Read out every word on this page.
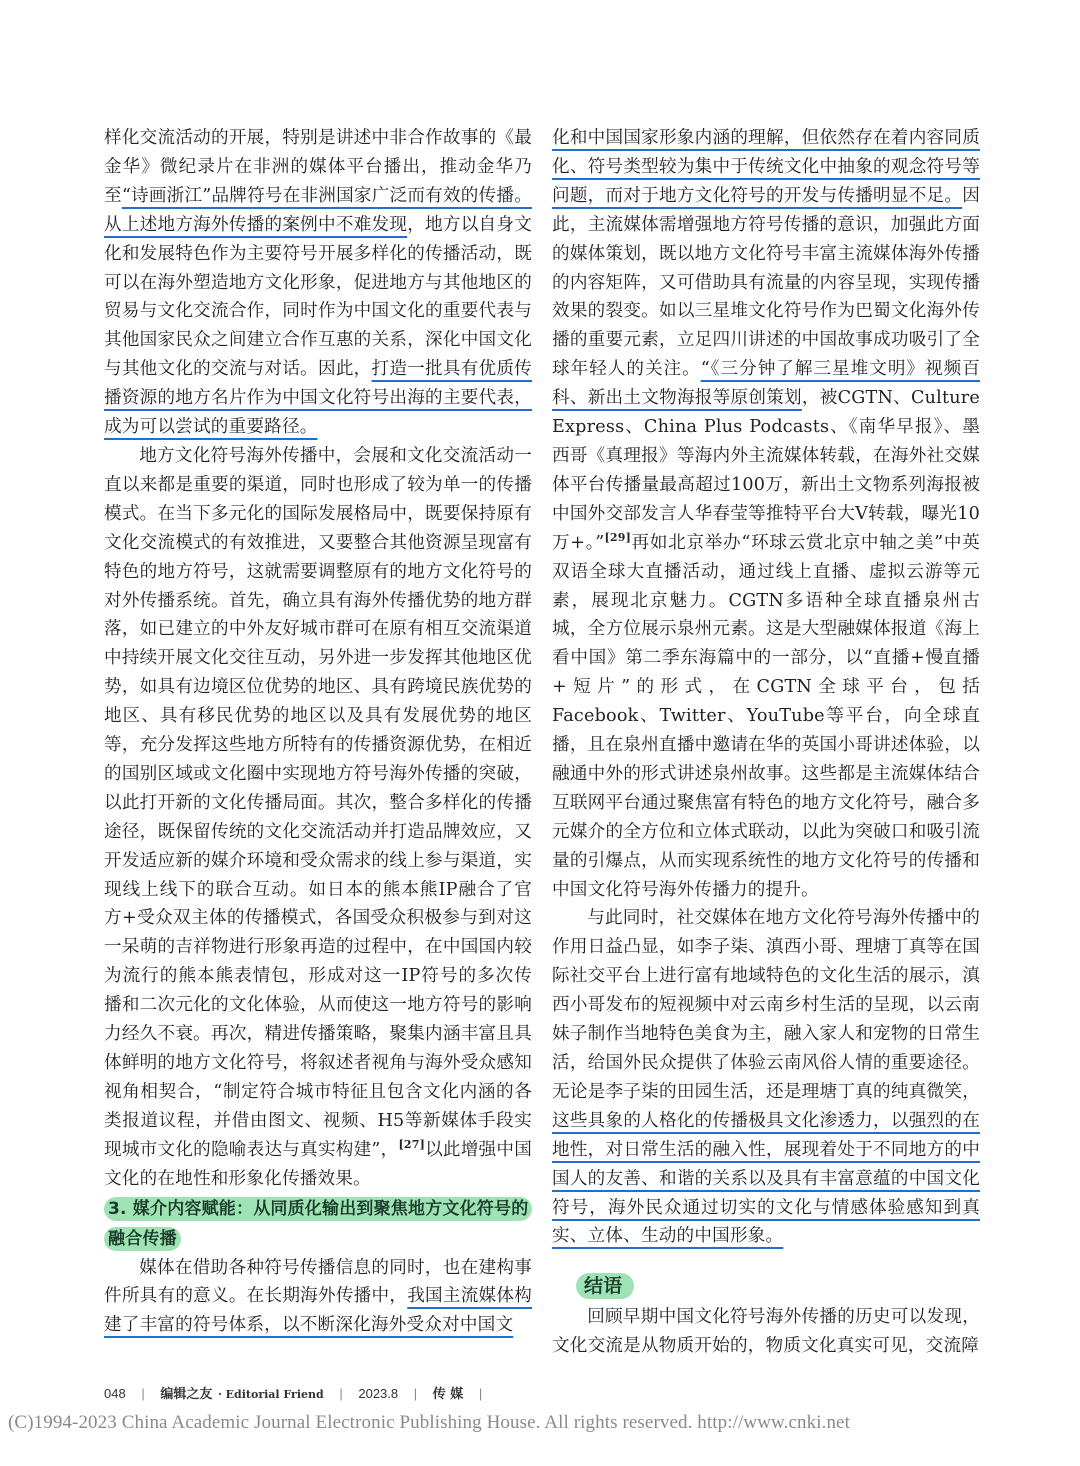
样化交流活动的开展，特别是讲述中非合作故事的《最金华》微纪录片在非洲的媒体平台播出，推动金华乃至“诗画浙江”品牌符号在非洲国家广泛而有效的传播。从上述地方海外传播的案例中不难发现，地方以自身文化和发展特色作为主要符号开展多样化的传播活动，既可以在海外塑造地方文化形象，促进地方与其他地区的贸易与文化交流合作，同时作为中国文化的重要代表与其他国家民众之间建立合作互惠的关系，深化中国文化与其他文化的交流与对话。因此，打造一批具有优质传播资源的地方名片作为中国文化符号出海的主要代表，成为可以尝试的重要路径。

地方文化符号海外传播中，会展和文化交流活动一直以来都是重要的渠道，同时也形成了较为单一的传播模式。在当下多元化的国际发展格局中，既要保持原有文化交流模式的有效推进，又要整合其他资源呈现富有特色的地方符号，这就需要调整原有的地方文化符号的对外传播系统。首先，确立具有海外传播优势的地方群落，如已建立的中外友好城市群可在原有相互交流渠道中持续开展文化交往互动，另外进一步发挥其他地区优势，如具有边境区位优势的地区、具有跨境民族优势的地区、具有移民优势的地区以及具有发展优势的地区等，充分发挥这些地方所特有的传播资源优势，在相近的国别区域或文化圈中实现地方符号海外传播的突破，以此打开新的文化传播局面。其次，整合多样化的传播途径，既保留传统的文化交流活动并打造品牌效应，又开发适应新的媒介环境和受众需求的线上参与渠道，实现线上线下的联合互动。如日本的熊本熊IP融合了官方+受众双主体的传播模式，各国受众积极参与到对这一呆萌的吉祥物进行形象再造的过程中，在中国国内较为流行的熊本熊表情包，形成对这一IP符号的多次传播和二次元化的文化体验，从而使这一地方符号的影响力经久不衰。再次，精进传播策略，聚集内涵丰富且具体鲜明的地方文化符号，将叙述者视角与海外受众感知视角相契合，“制定符合城市特征且包含文化内涵的各类报道议程，并借由图文、视频、H5等新媒体手段实现城市文化的隐喻表达与真实构建”，[27]以此增强中国文化的在地性和形象化传播效果。

3. 媒介内容赋能：从同质化输出到聚焦地方文化符号的融合传播

媒体在借助各种符号传播信息的同时，也在建构事件所具有的意义。在长期海外传播中，我国主流媒体构建了丰富的符号体系，以不断深化海外受众对中国文

化和中国国家形象内涵的理解，但依然存在着内容同质化、符号类型较为集中于传统文化中抽象的观念符号等问题，而对于地方文化符号的开发与传播明显不足。因此，主流媒体需增强地方符号传播的意识，加强此方面的媒体策划，既以地方文化符号丰富主流媒体海外传播的内容矩阵，又可借助具有流量的内容呈现，实现传播效果的裂变。如以三星堆文化符号作为巴蜀文化海外传播的重要元素，立足四川讲述的中国故事成功吸引了全球年轻人的关注。“《三分钟了解三星堆文明》视频百科、新出土文物海报等原创策划，被CGTN、Culture Express、China Plus Podcasts、《南华早报》、墨西哥《真理报》等海内外主流媒体转载，在海外社交媒体平台传播量最高超过100万，新出土文物系列海报被中国外交部发言人华春莹等推特平台大V转载，曝光10万+。”[29]再如北京举办“环球云赏北京中轴之美”中英双语全球大直播活动，通过线上直播、虚拟云游等元素，展现北京魅力。CGTN多语种全球直播泉州古城，全方位展示泉州元素。这是大型融媒体报道《海上看中国》第二季东海篇中的一部分，以“直播+慢直播+短片”的形式，在CGTN全球平台，包括Facebook、Twitter、YouTube等平台，向全球直播，且在泉州直播中邀请在华的英国小哥讲述体验，以融通中外的形式讲述泉州故事。这些都是主流媒体结合互联网平台通过聚焦富有特色的地方文化符号，融合多元媒介的全方位和立体式联动，以此为突破口和吸引流量的引爆点，从而实现系统性的地方文化符号的传播和中国文化符号海外传播力的提升。

与此同时，社交媒体在地方文化符号海外传播中的作用日益凸显，如李子柒、滇西小哥、理塘丁真等在国际社交平台上进行富有地域特色的文化生活的展示，滇西小哥发布的短视频中对云南乡村生活的呈现，以云南妹子制作当地特色美食为主，融入家人和宠物的日常生活，给国外民众提供了体验云南风俗人情的重要途径。无论是李子柒的田园生活，还是理塘丁真的纯真微笑，这些具象的人格化的传播极具文化渗透力，以强烈的在地性，对日常生活的融入性，展现着处于不同地方的中国人的友善、和谐的关系以及具有丰富意蕴的中国文化符号，海外民众通过切实的文化与情感体验感知到真实、立体、生动的中国形象。

结语

回顾早期中国文化符号海外传播的历史可以发现，文化交流是从物质开始的，物质文化真实可见，交流障

048 | 编辑之友 · Editorial Friend | 2023.8 | 传 媒 |
(C)1994-2023 China Academic Journal Electronic Publishing House. All rights reserved. http://www.cnki.net
